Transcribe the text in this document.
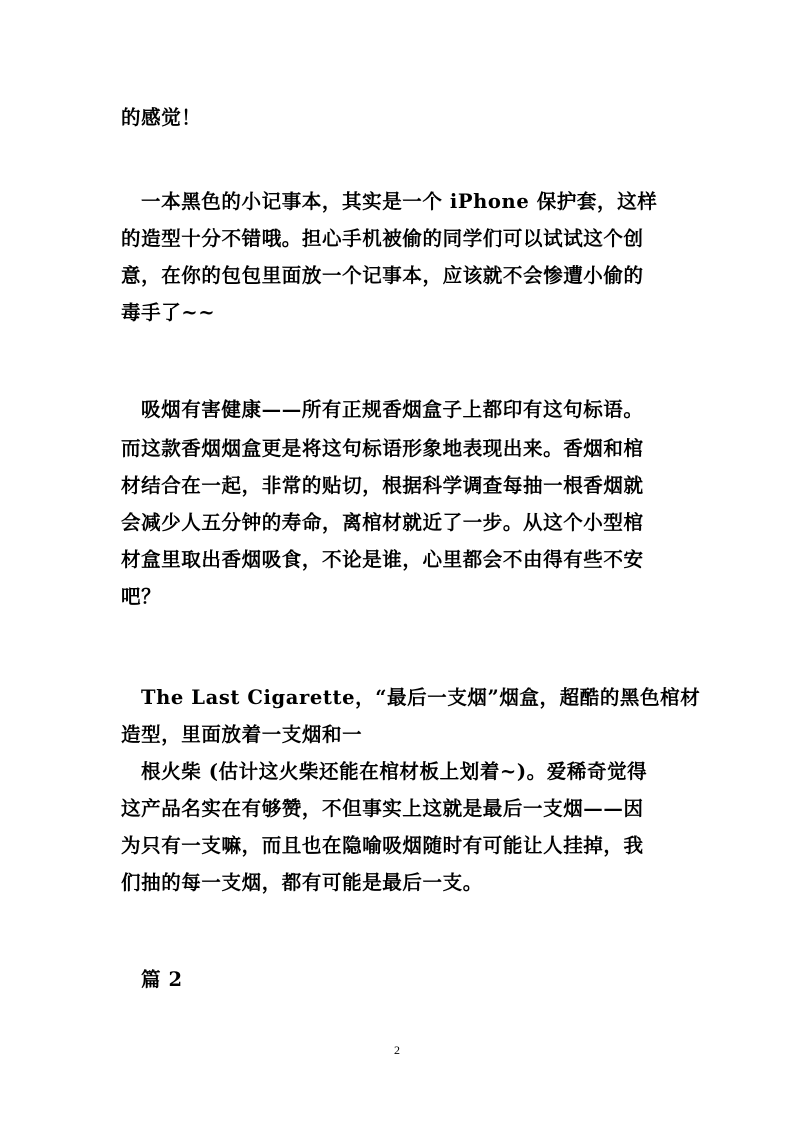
的感觉！
一本黑色的小记事本，其实是一个 iPhone 保护套，这样
的造型十分不错哦。担心手机被偷的同学们可以试试这个创
意，在你的包包里面放一个记事本，应该就不会惨遭小偷的
毒手了~~
吸烟有害健康——所有正规香烟盒子上都印有这句标语。
而这款香烟烟盒更是将这句标语形象地表现出来。香烟和棺
材结合在一起，非常的贴切，根据科学调查每抽一根香烟就
会减少人五分钟的寿命，离棺材就近了一步。从这个小型棺
材盒里取出香烟吸食，不论是谁，心里都会不由得有些不安
吧？
The Last Cigarette，“最后一支烟”烟盒，超酷的黑色棺材
造型，里面放着一支烟和一
根火柴 (估计这火柴还能在棺材板上划着~)。爱稀奇觉得
这产品名实在有够赞，不但事实上这就是最后一支烟——因
为只有一支嘛，而且也在隐喻吸烟随时有可能让人挂掉，我
们抽的每一支烟，都有可能是最后一支。
篇 2
2
